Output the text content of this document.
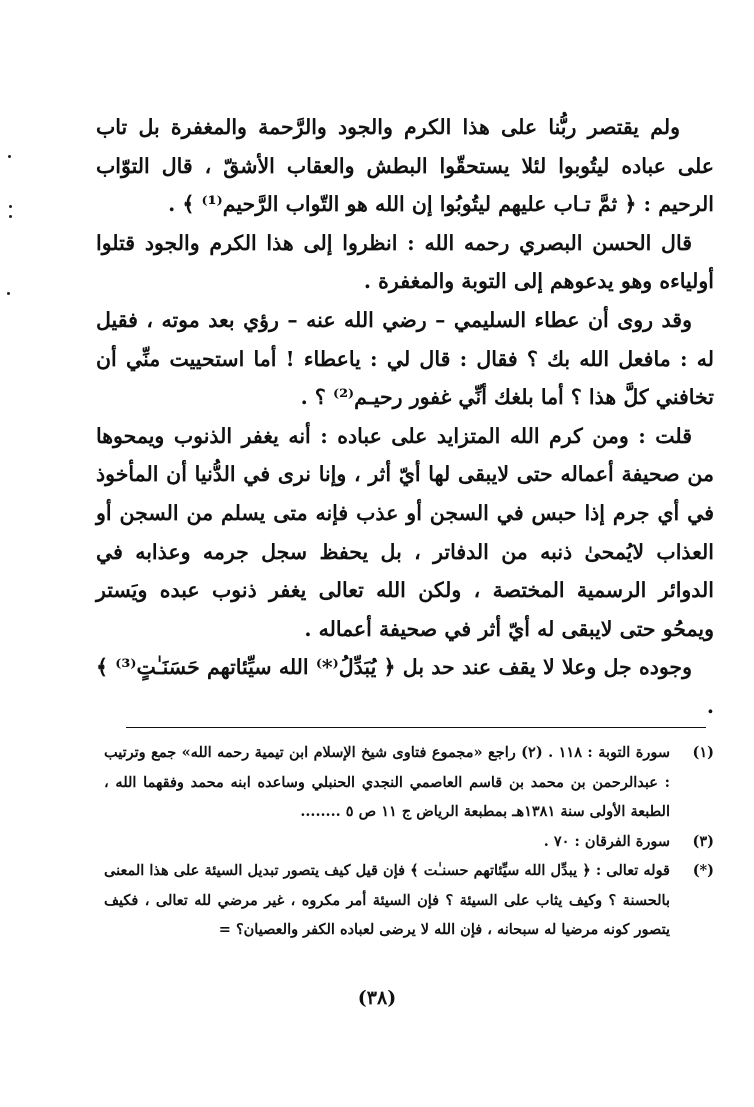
ولم يقتصر ربُّنا على هذا الكرم والجود والرَّحمة والمغفرة بل تاب على عباده ليتُوبوا لئلا يستحقّوا البطش والعقاب الأشقّ ، قال التوّاب الرحيم : ﴿ ثمَّ تـاب عليهم ليتُوبُوا إن الله هو التّواب الرَّحيم⁽¹⁾ ﴾ .

قال الحسن البصري رحمه الله : انظروا إلى هذا الكرم والجود قتلوا أولياءه وهو يدعوهم إلى التوبة والمغفرة .

وقد روى أن عطاء السليمي – رضي الله عنه – رؤي بعد موته ، فقيل له : مافعل الله بك ؟ فقال : قال لي : ياعطاء ! أما استحييت منِّي أن تخافني كلَّ هذا ؟ أما بلغك أنِّي غفور رحيـم⁽²⁾ ؟ .

قلت : ومن كرم الله المتزايد على عباده : أنه يغفر الذنوب ويمحوها من صحيفة أعماله حتى لايبقى لها أيّ أثر ، وإنا نرى في الدُّنيا أن المأخوذ في أي جرم إذا حبس في السجن أو عذب فإنه متى يسلم من السجن أو العذاب لايُمحىٰ ذنبه من الدفاتر ، بل يحفظ سجل جرمه وعذابه في الدوائر الرسمية المختصة ، ولكن الله تعالى يغفر ذنوب عبده ويَستر ويمحُو حتى لايبقى له أيّ أثر في صحيفة أعماله .

وجوده جل وعلا لا يقف عند حد بل ﴿ يُبَدِّلُ⁽*⁾ الله سيِّئاتهم حَسَنَـٰتٍ⁽³⁾ ﴾ .

(١)
سورة التوبة : ١١٨ . (٢) راجع «مجموع فتاوى شيخ الإسلام ابن تيمية رحمه الله» جمع وترتيب : عبدالرحمن بن محمد بن قاسم العاصمي النجدي الحنبلي وساعده ابنه محمد وفقهما الله ، الطبعة الأولى سنة ١٣٨١هـ بمطبعة الرياض ج ١١ ص ٥ ........
(٣)
سورة الفرقان : ٧٠ .
(*)
قوله تعالى : ﴿ يبدِّل الله سيِّئاتهم حسنـٰت ﴾ فإن قيل كيف يتصور تبديل السيئة على هذا المعنى بالحسنة ؟ وكيف يثاب على السيئة ؟ فإن السيئة أمر مكروه ، غير مرضي لله تعالى ، فكيف يتصور كونه مرضيا له سبحانه ، فإن الله لا يرضى لعباده الكفر والعصيان؟ =
(٣٨)
